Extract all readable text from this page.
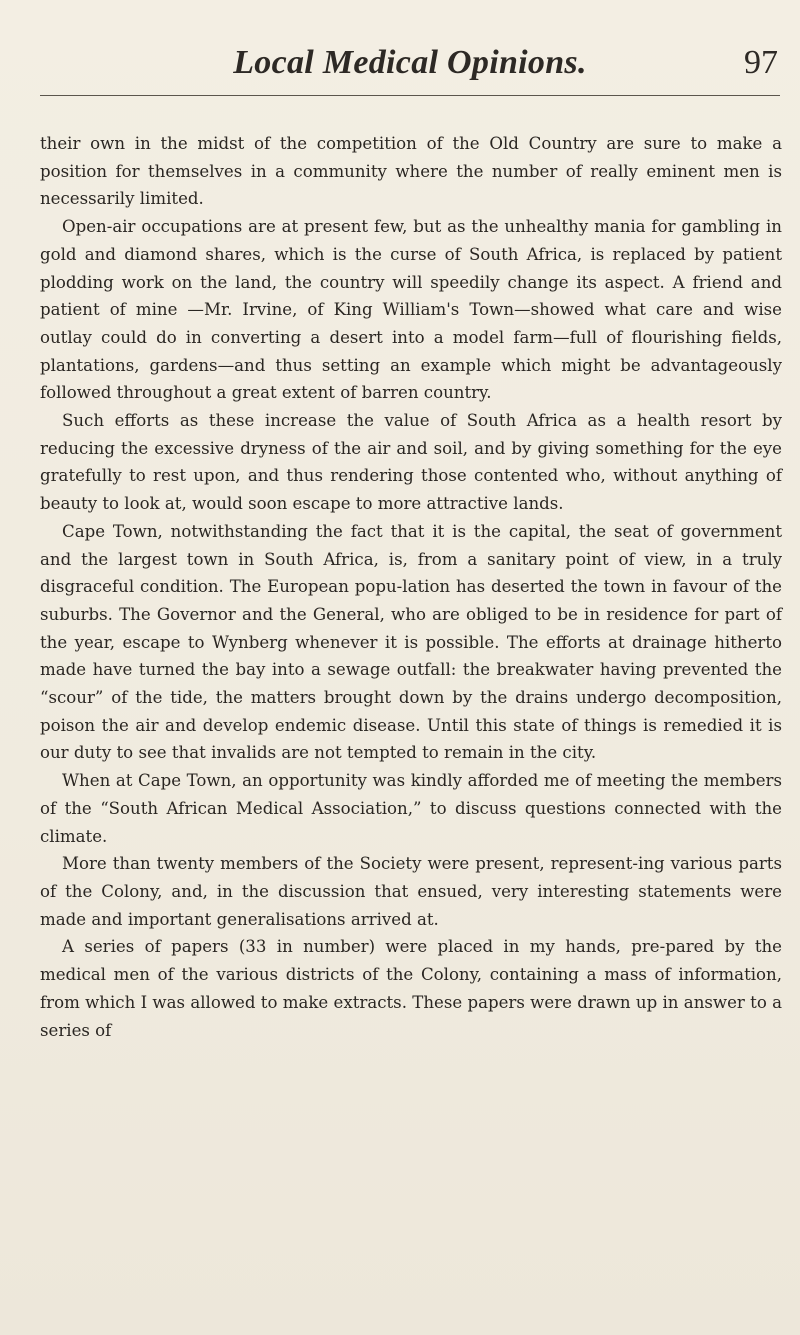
Local Medical Opinions.	97

their own in the midst of the competition of the Old Country are sure to make a position for themselves in a community where the number of really eminent men is necessarily limited.

Open-air occupations are at present few, but as the unhealthy mania for gambling in gold and diamond shares, which is the curse of South Africa, is replaced by patient plodding work on the land, the country will speedily change its aspect. A friend and patient of mine —Mr. Irvine, of King William's Town—showed what care and wise outlay could do in converting a desert into a model farm—full of flourishing fields, plantations, gardens—and thus setting an example which might be advantageously followed throughout a great extent of barren country.

Such efforts as these increase the value of South Africa as a health resort by reducing the excessive dryness of the air and soil, and by giving something for the eye gratefully to rest upon, and thus rendering those contented who, without anything of beauty to look at, would soon escape to more attractive lands.

Cape Town, notwithstanding the fact that it is the capital, the seat of government and the largest town in South Africa, is, from a sanitary point of view, in a truly disgraceful condition. The European popu-lation has deserted the town in favour of the suburbs. The Governor and the General, who are obliged to be in residence for part of the year, escape to Wynberg whenever it is possible. The efforts at drainage hitherto made have turned the bay into a sewage outfall: the breakwater having prevented the “scour” of the tide, the matters brought down by the drains undergo decomposition, poison the air and develop endemic disease. Until this state of things is remedied it is our duty to see that invalids are not tempted to remain in the city.

When at Cape Town, an opportunity was kindly afforded me of meeting the members of the “South African Medical Association,” to discuss questions connected with the climate.

More than twenty members of the Society were present, represent-ing various parts of the Colony, and, in the discussion that ensued, very interesting statements were made and important generalisations arrived at.

A series of papers (33 in number) were placed in my hands, pre-pared by the medical men of the various districts of the Colony, containing a mass of information, from which I was allowed to make extracts. These papers were drawn up in answer to a series of
